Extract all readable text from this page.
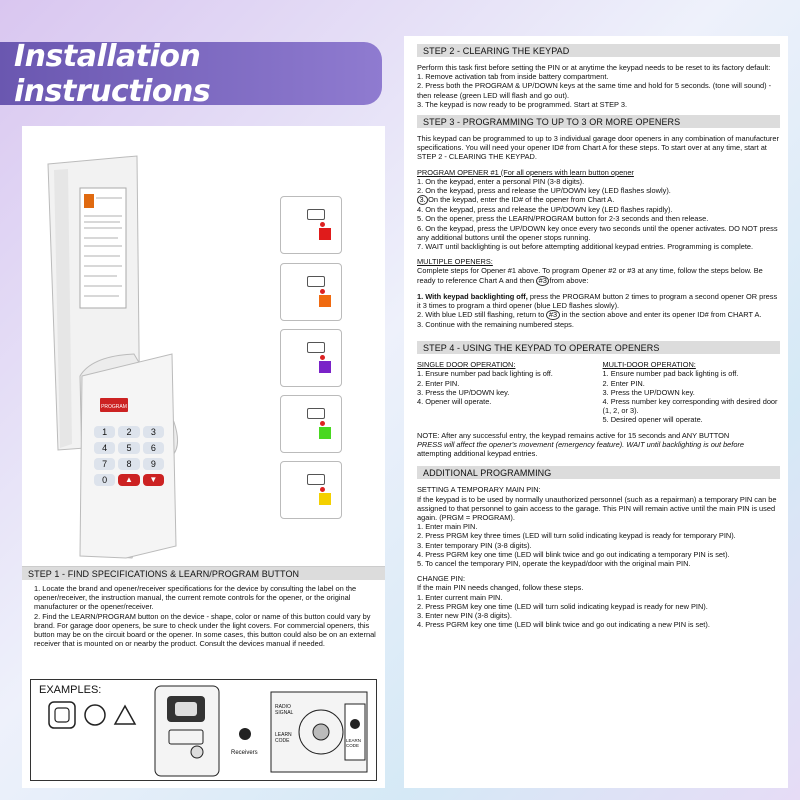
Installation instructions
PROGRAM
1	2	3
4	5	6
7	8	9
0	▲	▼
STEP 1 - FIND SPECIFICATIONS & LEARN/PROGRAM BUTTON
1. Locate the brand and opener/receiver specifications for the device by consulting the label on the opener/receiver, the instruction manual, the current remote controls for the opener, or the original manufacturer or the opener/receiver.
2. Find the LEARN/PROGRAM button on the device - shape, color or name of this button could vary by brand. For garage door openers, be sure to check under the light covers. For commercial openers, this button may be on the circuit board or the opener. In some cases, this button could also be on an external receiver that is mounted on or nearby the product. Consult the devices manual if needed.
EXAMPLES:
Receivers
RADIO SIGNAL
LEARN CODE	LEARN CODE
STEP 2 - CLEARING THE KEYPAD

Perform this task first before setting the PIN or at anytime the keypad needs to be reset to its factory default:

1. Remove activation tab from inside battery compartment.
2. Press both the PROGRAM & UP/DOWN keys at the same time and hold for 5 seconds. (tone will sound) - then release (green LED will flash and go out).
3. The keypad is now ready to be programmed. Start at STEP 3.
STEP 3 - PROGRAMMING TO UP TO 3 OR MORE OPENERS

This keypad can be programmed to up to 3 individual garage door openers in any combination of manufacturer specifications. You will need your opener ID# from Chart A for these steps. To start over at any time, start at STEP 2 - CLEARING THE KEYPAD.

PROGRAM OPENER #1 (For all openers with learn button opener

1. On the keypad, enter a personal PIN (3-8 digits).
2. On the keypad, press and release the UP/DOWN key (LED flashes slowly).
3. On the keypad, enter the ID# of the opener from Chart A.
4. On the keypad, press and release the UP/DOWN key (LED flashes rapidly).
5. On the opener, press the LEARN/PROGRAM button for 2-3 seconds and then release.
6. On the keypad, press the UP/DOWN key once every two seconds until the opener activates. DO NOT press any additional buttons until the opener stops running.
7. WAIT until backlighting is out before attempting additional keypad entries. Programming is complete.

MULTIPLE OPENERS:

Complete steps for Opener #1 above. To program Opener #2 or #3 at any time, follow the steps below. Be ready to reference Chart A and then #3 from above:

1. With keypad backlighting off, press the PROGRAM button 2 times to program a second opener OR press it 3 times to program a third opener (blue LED flashes slowly).
2. With blue LED still flashing, return to #3 in the section above and enter its opener ID# from CHART A.
3. Continue with the remaining numbered steps.
STEP 4 - USING THE KEYPAD TO OPERATE OPENERS

SINGLE DOOR OPERATION:

1. Ensure number pad back lighting is off.
2. Enter PIN.
3. Press the UP/DOWN key.
4. Opener will operate.

MULTI-DOOR OPERATION:

1. Ensure number pad back lighting is off.
2. Enter PIN.
3. Press the UP/DOWN key.
4. Press number key corresponding with desired door (1, 2, or 3).
5. Desired opener will operate.

NOTE: After any successful entry, the keypad remains active for 15 seconds and ANY BUTTON
PRESS will affect the opener's movement (emergency feature). WAIT until backlighting is out before
attempting additional keypad entries.

ADDITIONAL PROGRAMMING

SETTING A TEMPORARY MAIN PIN:

If the keypad is to be used by normally unauthorized personnel (such as a repairman) a temporary PIN can be assigned to that personnel to gain access to the garage. This PIN will remain active until the main PIN is used again. (PRGM = PROGRAM).

1. Enter main PIN.
2. Press PRGM key three times (LED will turn solid indicating keypad is ready for temporary PIN).
3. Enter temporary PIN (3-8 digits).
4. Press PGRM key one time (LED will blink twice and go out indicating a temporary PIN is set).
5. To cancel the temporary PIN, operate the keypad/door with the original main PIN.

CHANGE PIN:

If the main PIN needs changed, follow these steps.

1. Enter current main PIN.
2. Press PRGM key one time (LED will turn solid indicating keypad is ready for new PIN).
3. Enter new PIN (3-8 digits).
4. Press PGRM key one time (LED will blink twice and go out indicating a new PIN is set).
